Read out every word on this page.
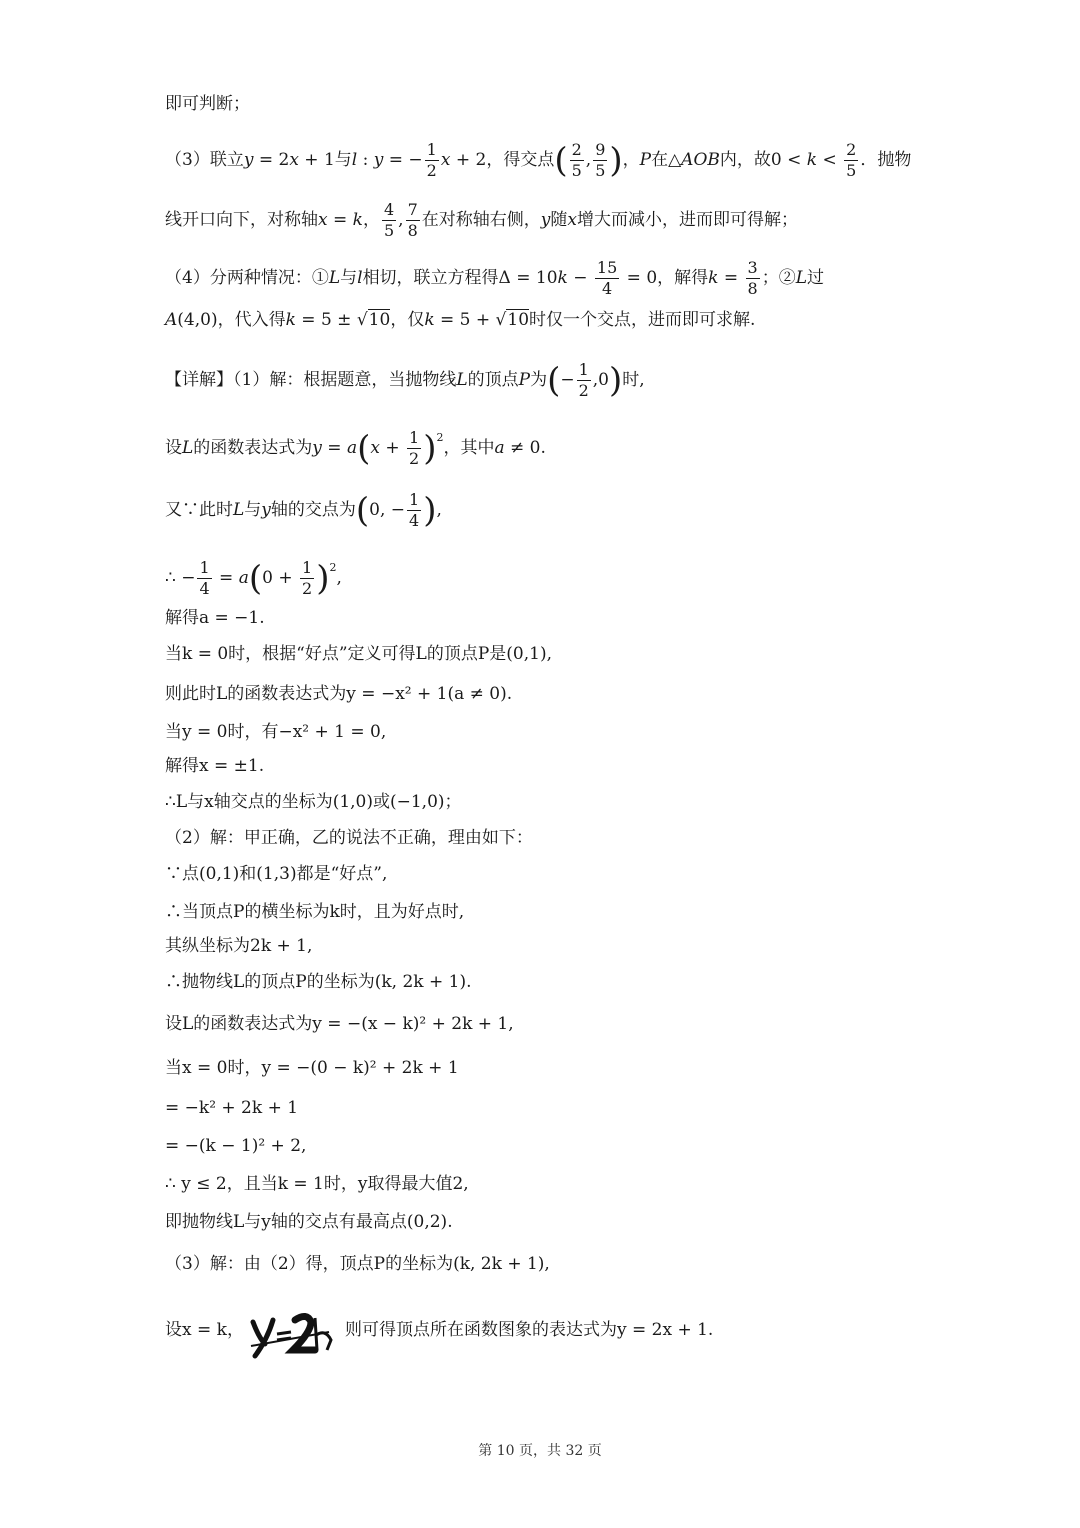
即可判断；
（3）联立y = 2x + 1与l : y = − $\frac{1}{2}$ x + 2，得交点( $\frac{2}{5}$ , $\frac{9}{5}$ )，P在△AOB内，故$0 < k < \frac{2}{5}$ ．抛物
线开口向下，对称轴x = k， $\frac{4}{5}$ , $\frac{7}{8}$ 在对称轴右侧，y随x增大而减小，进而即可得解；
（4）分两种情况：①L与l相切，联立方程得$\Delta = 10k - \frac{15}{4} = 0$，解得$k = \frac{3}{8}$ ；②L过
A(4,0)，代入得k = 5 ± √10，仅k = 5 + √10时仅一个交点，进而即可求解.
【详解】（1）解：根据题意，当抛物线L的顶点P为(− $\frac{1}{2} ,0$)时,
设L的函数表达式为$y = a(x + \frac{1}{2} )^2$，其中a ≠ 0.
又∵此时L与y轴的交点为(0, − $\frac{1}{4}$ ),
∴ − $\frac{1}{4} = a(0 + \frac{1}{2} )^2$,
解得a = −1.
当k = 0时，根据“好点”定义可得L的顶点P是(0,1),
则此时L的函数表达式为y = −x² + 1(a ≠ 0).
当y = 0时，有−x² + 1 = 0,
解得x = ±1.
∴L与x轴交点的坐标为(1,0)或(−1,0)；
（2）解：甲正确，乙的说法不正确，理由如下：
∵点(0,1)和(1,3)都是“好点”,
∴当顶点P的横坐标为k时，且为好点时,
其纵坐标为2k + 1,
∴抛物线L的顶点P的坐标为(k, 2k + 1).
设L的函数表达式为y = −(x − k)² + 2k + 1,
当x = 0时，y = −(0 − k)² + 2k + 1
= −k² + 2k + 1
= −(k − 1)² + 2,
∴ y ≤ 2，且当k = 1时，y取得最大值2,
即抛物线L与y轴的交点有最高点(0,2).
（3）解：由（2）得，顶点P的坐标为(k, 2k + 1),
设x = k，	则可得顶点所在函数图象的表达式为y = 2x + 1.
第 10 页，共 32 页
